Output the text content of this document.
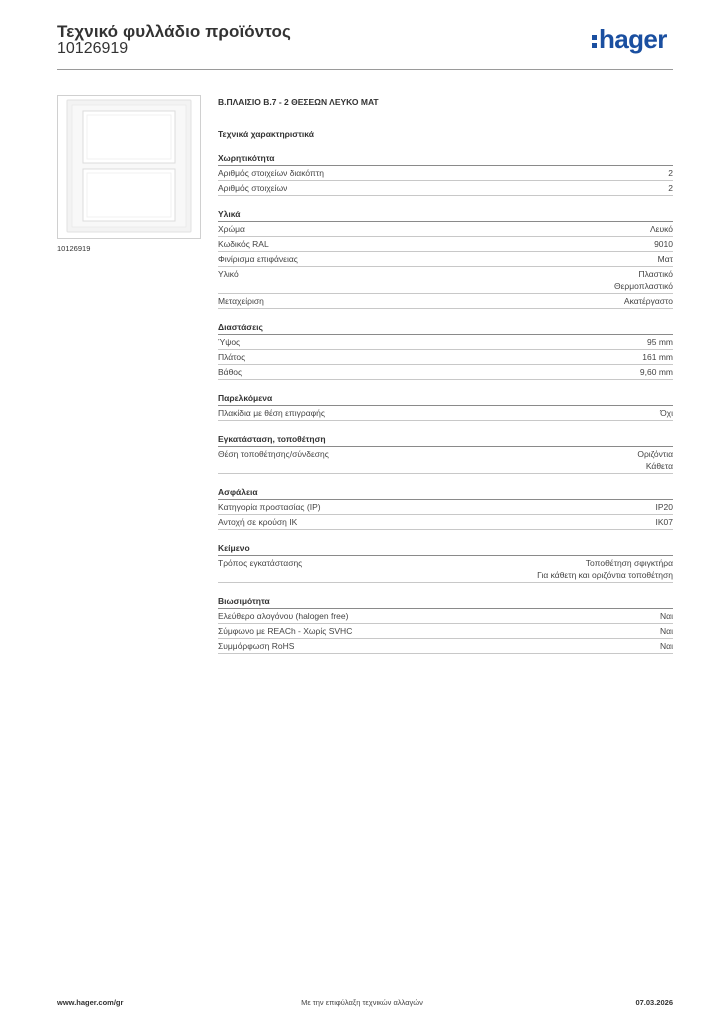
Τεχνικό φυλλάδιο προϊόντος
10126919	hager
10126919
Β.ΠΛΑΙΣΙΟ Β.7 - 2 ΘΕΣΕΩΝ ΛΕΥΚΟ ΜΑΤ
Τεχνικά χαρακτηριστικά
Χωρητικότητα
Αριθμός στοιχείων διακόπτη	2
Αριθμός στοιχείων	2
Υλικά
Χρώμα	Λευκό
Κωδικός RAL	9010
Φινίρισμα επιφάνειας	Ματ
Υλικό	Πλαστικό
Θερμοπλαστικό
Μεταχείριση	Ακατέργαστο
Διαστάσεις
Ύψος	95 mm
Πλάτος	161 mm
Βάθος	9,60 mm
Παρελκόμενα
Πλακίδια με θέση επιγραφής	Όχι
Εγκατάσταση, τοποθέτηση
Θέση τοποθέτησης/σύνδεσης	Οριζόντια
Κάθετα
Ασφάλεια
Κατηγορία προστασίας (IP)	IP20
Αντοχή σε κρούση IK	IK07
Κείμενο
Τρόπος εγκατάστασης	Τοποθέτηση σφιγκτήρα
Για κάθετη και οριζόντια τοποθέτηση
Βιωσιμότητα
Ελεύθερο αλογόνου (halogen free)	Ναι
Σύμφωνο με REACh - Χωρίς SVHC	Ναι
Συμμόρφωση RoHS	Ναι
www.hager.com/gr	Με την επιφύλαξη τεχνικών αλλαγών	07.03.2026
